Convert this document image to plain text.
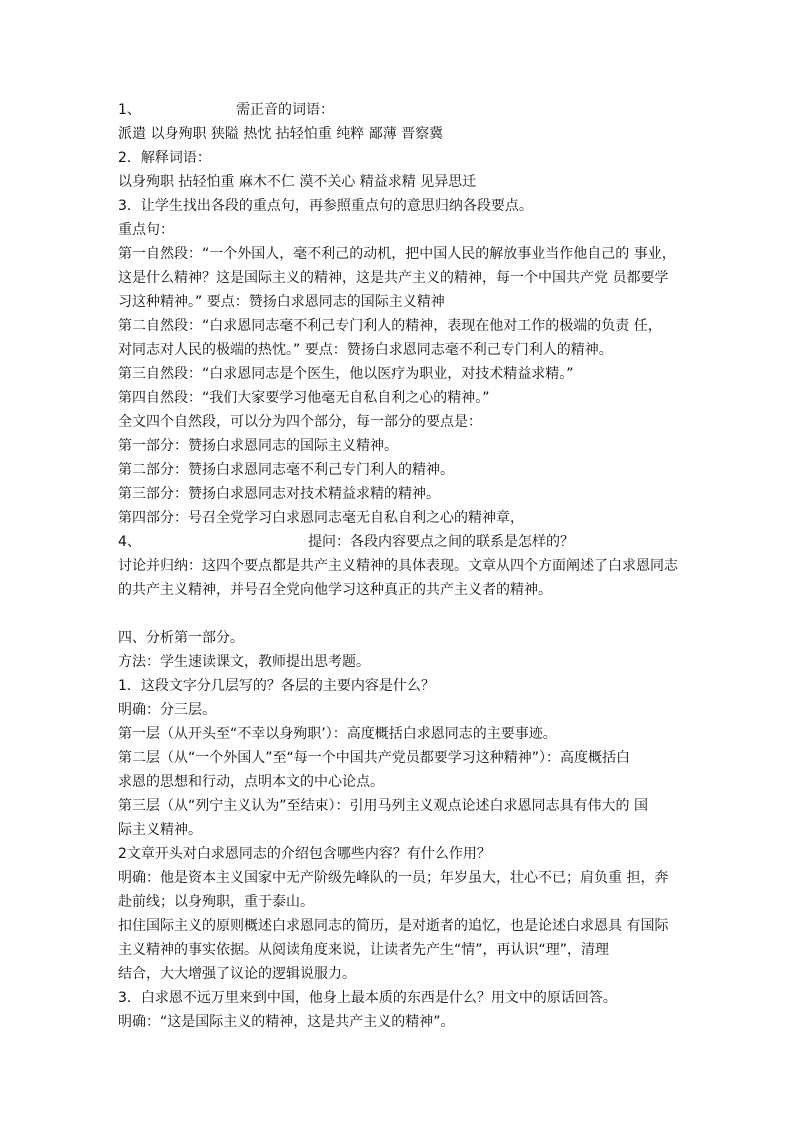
1、	需正音的词语：
派遣 以身殉职 狭隘 热忱 拈轻怕重 纯粹 鄙薄 晋察冀
2．解释词语：
以身殉职 拈轻怕重 麻木不仁 漠不关心 精益求精 见异思迁
3．让学生找出各段的重点句，再参照重点句的意思归纳各段要点。
重点句：
第一自然段：“一个外国人，毫不利己的动机，把中国人民的解放事业当作他自己的 事业，
这是什么精神？这是国际主义的精神，这是共产主义的精神，每一个中国共产党 员都要学
习这种精神。” 要点：赞扬白求恩同志的国际主义精神
第二自然段：“白求恩同志毫不利己专门利人的精神，表现在他对工作的极端的负责 任，
对同志对人民的极端的热忱。” 要点：赞扬白求恩同志毫不利己专门利人的精神。
第三自然段：“白求恩同志是个医生，他以医疗为职业，对技术精益求精。”
第四自然段：“我们大家要学习他毫无自私自利之心的精神。”
全文四个自然段，可以分为四个部分，每一部分的要点是：
第一部分：赞扬白求恩同志的国际主义精神。
第二部分：赞扬白求恩同志毫不利己专门利人的精神。
第三部分：赞扬白求恩同志对技术精益求精的精神。
第四部分：号召全党学习白求恩同志毫无自私自利之心的精神章，
4、	提问：各段内容要点之间的联系是怎样的？
讨论并归纳：这四个要点都是共产主义精神的具体表现。文章从四个方面阐述了白求恩同志
的共产主义精神，并号召全党向他学习这种真正的共产主义者的精神。
四、分析第一部分。
方法：学生速读课文，教师提出思考题。
1．这段文字分几层写的？各层的主要内容是什么？
明确：分三层。
第一层（从开头至“不幸以身殉职’）：高度概括白求恩同志的主要事迹。
第二层（从“一个外国人”至“每一个中国共产党员都要学习这种精神”）：高度概括白
求恩的思想和行动，点明本文的中心论点。
第三层（从“列宁主义认为”至结束）：引用马列主义观点论述白求恩同志具有伟大的 国
际主义精神。
2文章开头对白求恩同志的介绍包含哪些内容？有什么作用？
明确：他是资本主义国家中无产阶级先峰队的一员；年岁虽大，壮心不已；肩负重 担，奔
赴前线；以身殉职，重于泰山。
扣住国际主义的原则概述白求恩同志的简历，是对逝者的追忆，也是论述白求恩具 有国际
主义精神的事实依据。从阅读角度来说，让读者先产生“情”，再认识“理”，清理
结合，大大增强了议论的逻辑说服力。
3．白求恩不远万里来到中国，他身上最本质的东西是什么？用文中的原话回答。
明确：“这是国际主义的精神，这是共产主义的精神”。
